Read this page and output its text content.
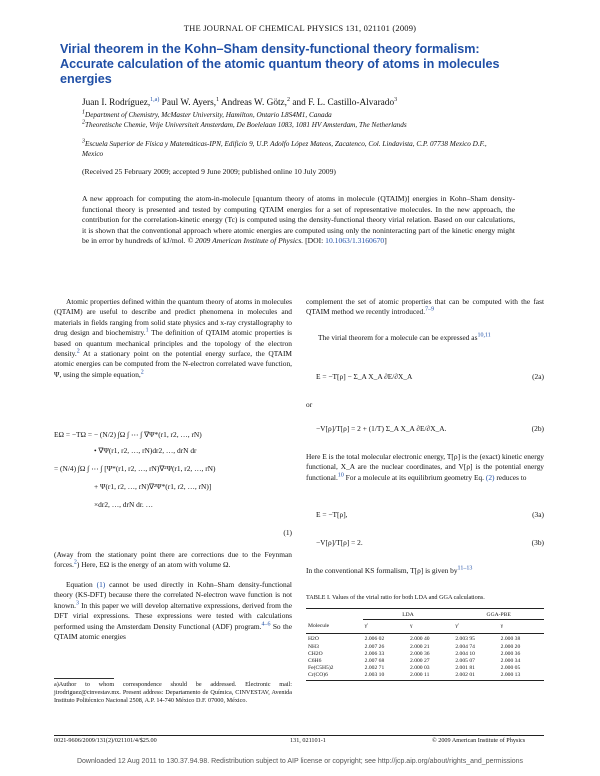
THE JOURNAL OF CHEMICAL PHYSICS 131, 021101 (2009)
Virial theorem in the Kohn–Sham density-functional theory formalism: Accurate calculation of the atomic quantum theory of atoms in molecules energies
Juan I. Rodríguez,$^{1,a)}$ Paul W. Ayers,$^1$ Andreas W. Götz,$^2$ and F. L. Castillo-Alvarado$^3$
$^1$Department of Chemistry, McMaster University, Hamilton, Ontario L8S4M1, Canada
$^2$Theoretische Chemie, Vrije Universiteit Amsterdam, De Boelelaan 1083, 1081 HV Amsterdam, The Netherlands
$^3$Escuela Superior de Física y Matemáticas-IPN, Edificio 9, U.P. Adolfo López Mateos, Zacatenco, Col. Lindavista, C.P. 07738 Mexico D.F., Mexico
(Received 25 February 2009; accepted 9 June 2009; published online 10 July 2009)
A new approach for computing the atom-in-molecule [quantum theory of atoms in molecule (QTAIM)] energies in Kohn–Sham density-functional theory is presented and tested by computing QTAIM energies for a set of representative molecules. In the new approach, the contribution for the correlation-kinetic energy (Tc) is computed using the density-functional theory virial relation. Based on our calculations, it is shown that the conventional approach where atomic energies are computed using only the noninteracting part of the kinetic energy might be in error by hundreds of kJ/mol. © 2009 American Institute of Physics. [DOI: 10.1063/1.3160670]
Atomic properties defined within the quantum theory of atoms in molecules (QTAIM) are useful to describe and predict phenomena in molecules and materials in fields ranging from solid state physics and x-ray crystallography to drug design and biochemistry.$^1$ The definition of QTAIM atomic properties is based on quantum mechanical principles and the topology of the electron density.$^2$ At a stationary point on the potential energy surface, the QTAIM atomic energies can be computed from the N-electron correlated wave function, Ψ, using the simple equation,$^2$
EΩ = −TΩ = − (N/2) ∫Ω ∫ ⋯ ∫ ∇Ψ*(r1, r2, …, rN)
• ∇Ψ(r1, r2, …, rN)dr2, …, drN dr
= (N/4) ∫Ω ∫ ⋯ ∫ [Ψ*(r1, r2, …, rN)∇²Ψ(r1, r2, …, rN)
+ Ψ(r1, r2, …, rN)∇²Ψ*(r1, r2, …, rN)]
×dr2, …, drN dr. …
(1)
(Away from the stationary point there are corrections due to the Feynman forces.$^2$) Here, EΩ is the energy of an atom with volume Ω.
Equation (1) cannot be used directly in Kohn–Sham density-functional theory (KS-DFT) because there the correlated N-electron wave function is not known.$^3$ In this paper we will develop alternative expressions, derived from the DFT virial expressions. These expressions were tested with calculations performed using the Amsterdam Density Functional (ADF) program.$^{4-6}$ So the QTAIM atomic energies
a)Author to whom correspondence should be addressed. Electronic mail: jirodriguez@cinvestav.mx. Present address: Departamento de Química, CINVESTAV, Avenida Instituto Politécnico Nacional 2508, A.P. 14-740 México D.F. 07000, México.
complement the set of atomic properties that can be computed with the fast QTAIM method we recently introduced.$^{7-9}$
The virial theorem for a molecule can be expressed as$^{10,11}$
E = −T[ρ] − Σ_A X_A ∂E/∂X_A	(2a)
or
−V[ρ]/T[ρ] = 2 + (1/T) Σ_A X_A ∂E/∂X_A.	(2b)
Here E is the total molecular electronic energy, T[ρ] is the (exact) kinetic energy functional, X_A are the nuclear coordinates, and V[ρ] is the potential energy functional.$^{10}$ For a molecule at its equilibrium geometry Eq. (2) reduces to
E = −T[ρ],	(3a)
−V[ρ]/T[ρ] = 2.	(3b)
In the conventional KS formalism, T[ρ] is given $by^{11-13}$
TABLE I. Values of the virial ratio for both LDA and GGA calculations.
	LDA		GGA-PBE	
Molecule	γ'	γ	γ'	γ
H2O	2.006 02	2.000 40	2.003 95	2.000 38
NH3	2.007 26	2.000 21	2.004 74	2.000 20
CH2O	2.006 33	2.000 36	2.004 10	2.000 36
C6H6	2.007 68	2.000 27	2.005 07	2.000 34
Fe(C5H5)2	2.002 71	2.000 03	2.001 81	2.000 05
Cr(CO)6	2.003 10	2.000 11	2.002 01	2.000 13

0021-9606/2009/131(2)/021101/4/$25.00	131, 021101-1	© 2009 American Institute of Physics
Downloaded 12 Aug 2011 to 130.37.94.98. Redistribution subject to AIP license or copyright; see http://jcp.aip.org/about/rights_and_permissions
